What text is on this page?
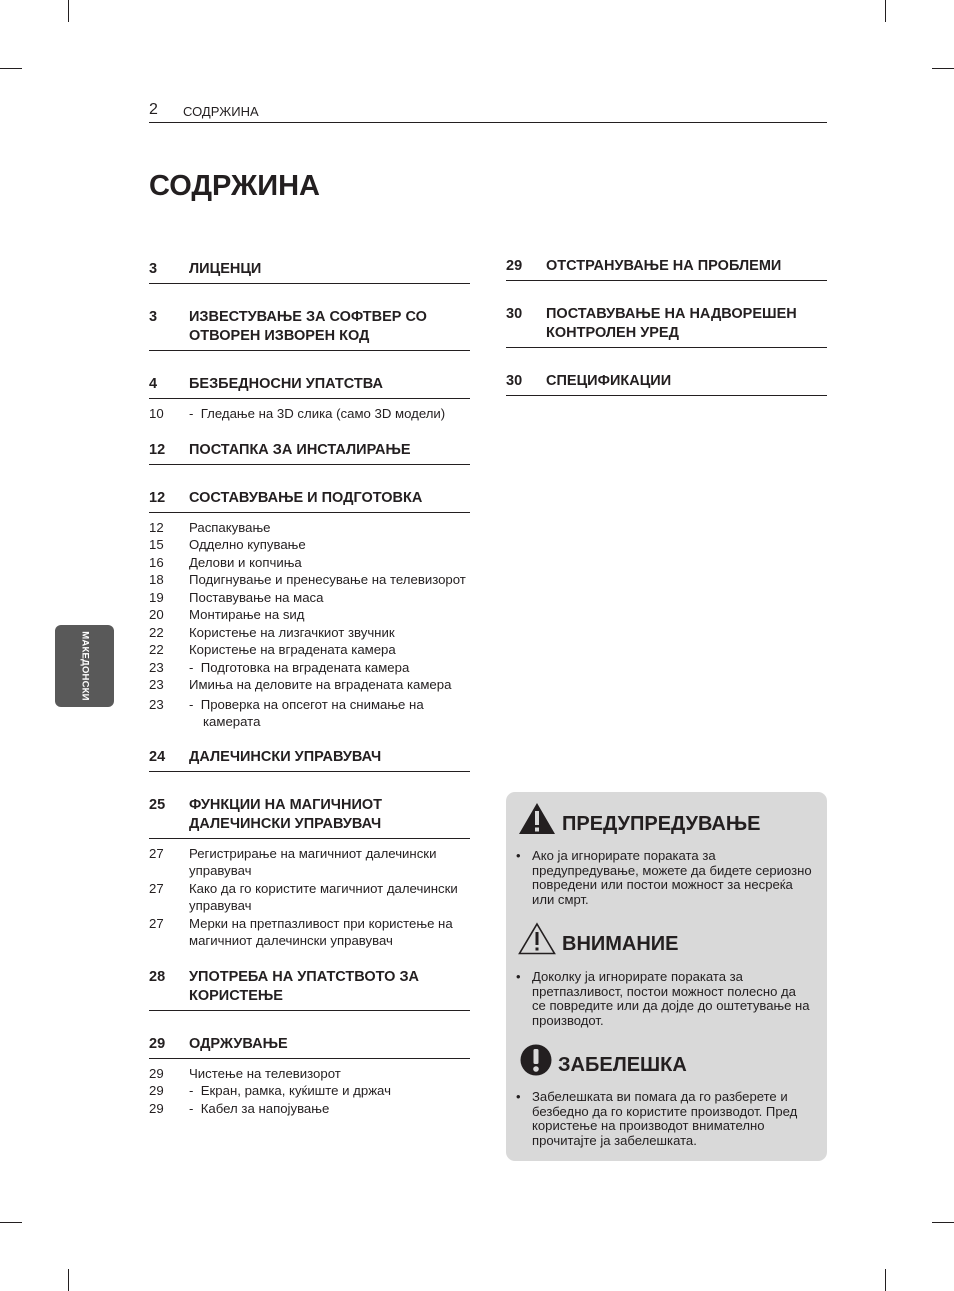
2 СОДРЖИНА
СОДРЖИНА
МАКЕДОНСКИ
3	ЛИЦЕНЦИ
3	ИЗВЕСТУВАЊЕ ЗА СОФТВЕР СО ОТВОРЕН ИЗВОРЕН КОД
4	БЕЗБЕДНОСНИ УПАТСТВА
10	- Гледање на 3D слика (само 3D модели)
12	ПОСТАПКА ЗА ИНСТАЛИРАЊЕ
12	СОСТАВУВАЊЕ И ПОДГОТОВКА
12	Распакување
15	Одделно купување
16	Делови и копчиња
18	Подигнување и пренесување на телевизорот
19	Поставување на маса
20	Монтирање на ѕид
22	Користење на лизгачкиот звучник
22	Користење на вградената камера
23	- Подготовка на вградената камера
23	Имиња на деловите на вградената камера
23	- Проверка на опсегот на снимање на камерата
24	ДАЛЕЧИНСКИ УПРАВУВАЧ
25	ФУНКЦИИ НА МАГИЧНИОТ ДАЛЕЧИНСКИ УПРАВУВАЧ
27	Регистрирање на магичниот далечински управувач
27	Како да го користите магичниот далечински управувач
27	Мерки на претпазливост при користење на магичниот далечински управувач
28	УПОТРЕБА НА УПАТСТВОТО ЗА КОРИСТЕЊЕ
29	ОДРЖУВАЊЕ
29	Чистење на телевизорот
29	- Екран, рамка, куќиште и држач
29	- Кабел за напојување
29	ОТСТРАНУВАЊЕ НА ПРОБЛЕМИ
30	ПОСТАВУВАЊЕ НА НАДВОРЕШЕН КОНТРОЛЕН УРЕД
30	СПЕЦИФИКАЦИИ
ПРЕДУПРЕДУВАЊЕ
• Ако ја игнорирате пораката за предупредување, можете да бидете сериозно повредени или постои можност за несреќа или смрт.
ВНИМАНИЕ
• Доколку ја игнорирате пораката за претпазливост, постои можност полесно да се повредите или да дојде до оштетување на производот.
ЗАБЕЛЕШКА
• Забелешката ви помага да го разберете и безбедно да го користите производот. Пред користење на производот внимателно прочитајте ја забелешката.
